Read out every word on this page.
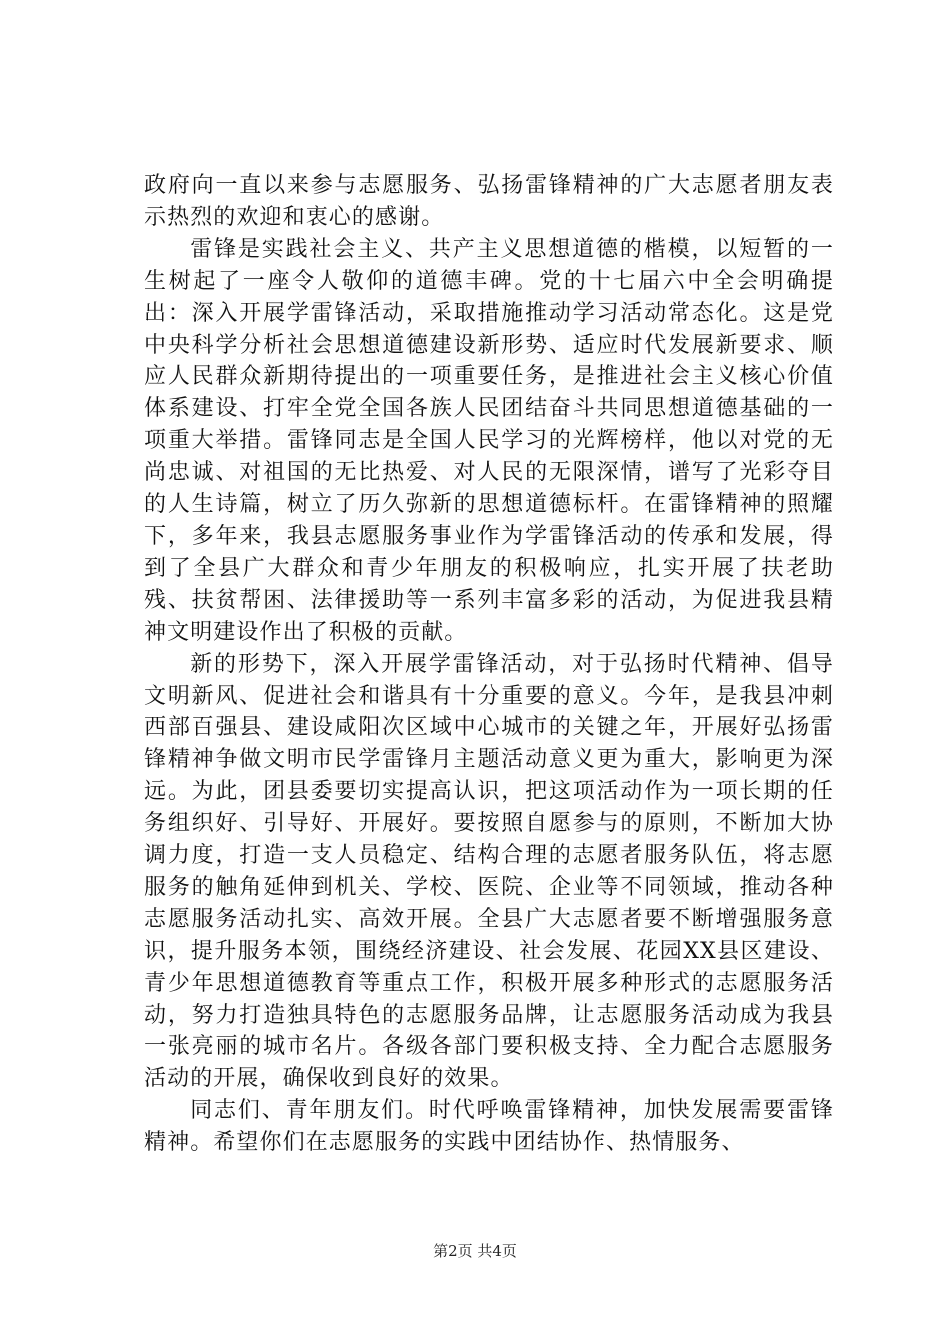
政府向一直以来参与志愿服务、弘扬雷锋精神的广大志愿者朋友表示热烈的欢迎和衷心的感谢。

雷锋是实践社会主义、共产主义思想道德的楷模，以短暂的一生树起了一座令人敬仰的道德丰碑。党的十七届六中全会明确提出：深入开展学雷锋活动，采取措施推动学习活动常态化。这是党中央科学分析社会思想道德建设新形势、适应时代发展新要求、顺应人民群众新期待提出的一项重要任务，是推进社会主义核心价值体系建设、打牢全党全国各族人民团结奋斗共同思想道德基础的一项重大举措。雷锋同志是全国人民学习的光辉榜样，他以对党的无尚忠诚、对祖国的无比热爱、对人民的无限深情，谱写了光彩夺目的人生诗篇，树立了历久弥新的思想道德标杆。在雷锋精神的照耀下，多年来，我县志愿服务事业作为学雷锋活动的传承和发展，得到了全县广大群众和青少年朋友的积极响应，扎实开展了扶老助残、扶贫帮困、法律援助等一系列丰富多彩的活动，为促进我县精神文明建设作出了积极的贡献。

新的形势下，深入开展学雷锋活动，对于弘扬时代精神、倡导文明新风、促进社会和谐具有十分重要的意义。今年，是我县冲刺西部百强县、建设咸阳次区域中心城市的关键之年，开展好弘扬雷锋精神争做文明市民学雷锋月主题活动意义更为重大，影响更为深远。为此，团县委要切实提高认识，把这项活动作为一项长期的任务组织好、引导好、开展好。要按照自愿参与的原则，不断加大协调力度，打造一支人员稳定、结构合理的志愿者服务队伍，将志愿服务的触角延伸到机关、学校、医院、企业等不同领域，推动各种志愿服务活动扎实、高效开展。全县广大志愿者要不断增强服务意识，提升服务本领，围绕经济建设、社会发展、花园XX县区建设、青少年思想道德教育等重点工作，积极开展多种形式的志愿服务活动，努力打造独具特色的志愿服务品牌，让志愿服务活动成为我县一张亮丽的城市名片。各级各部门要积极支持、全力配合志愿服务活动的开展，确保收到良好的效果。

同志们、青年朋友们。时代呼唤雷锋精神，加快发展需要雷锋精神。希望你们在志愿服务的实践中团结协作、热情服务、

第2页 共4页
